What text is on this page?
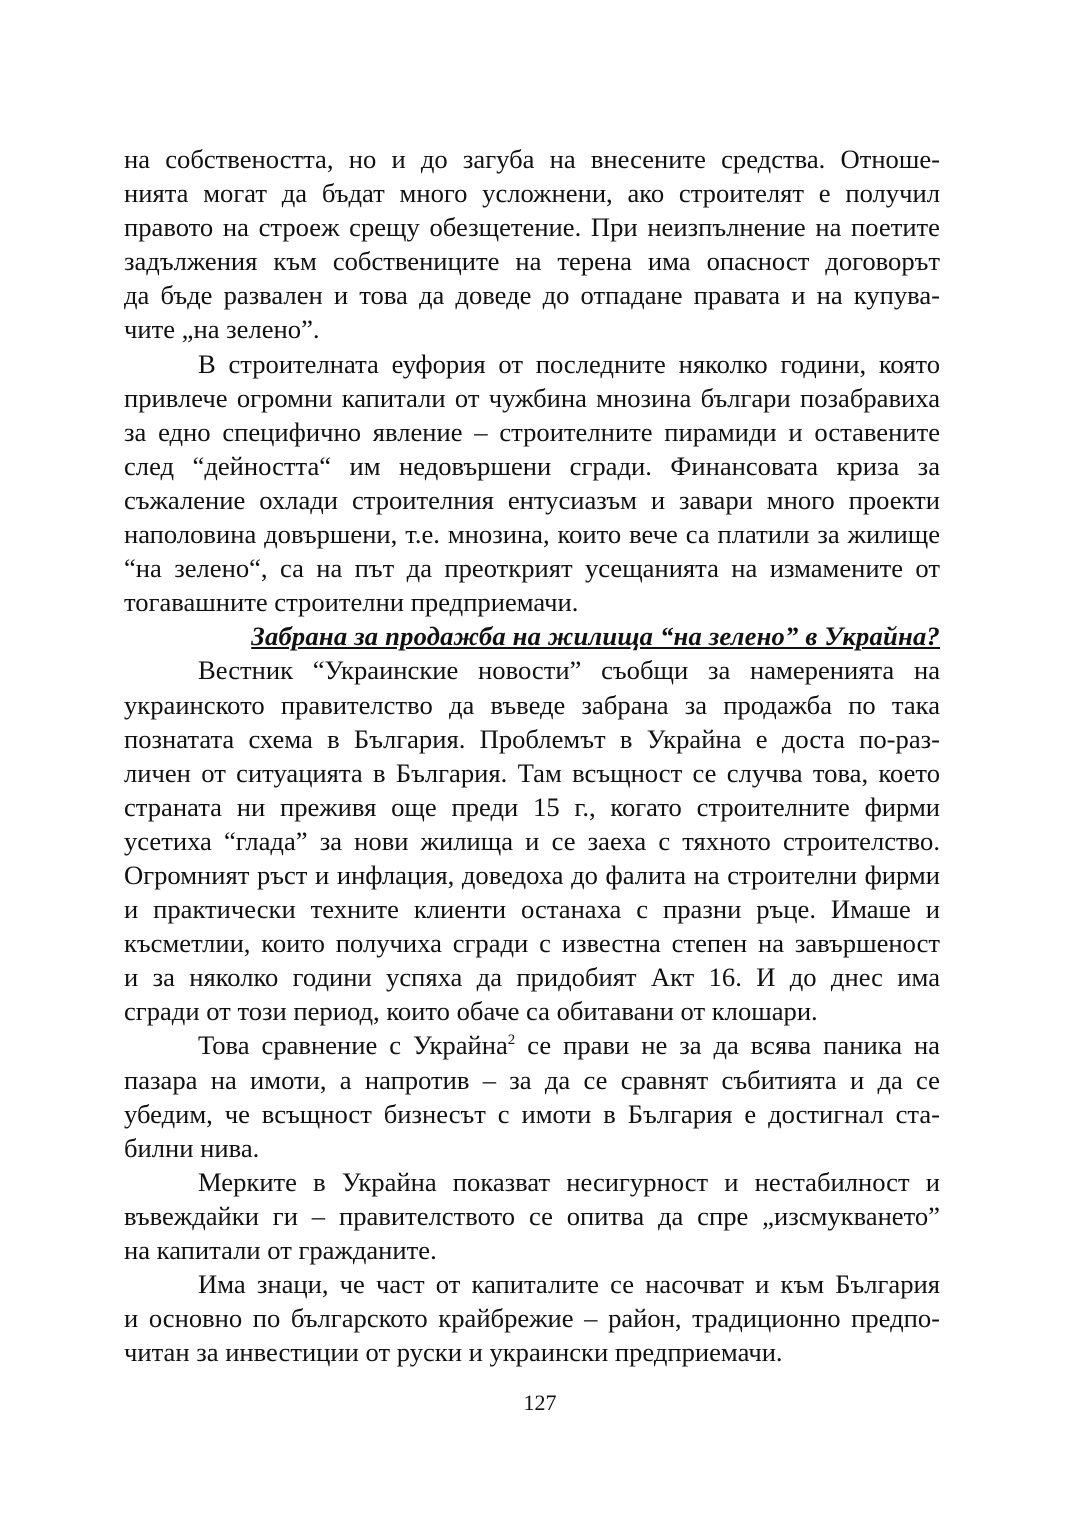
на собствеността, но и до загуба на внесените средства. Отноше-
нията могат да бъдат много усложнени, ако строителят е получил
правото на строеж срещу обезщетение. При неизпълнение на поетите
задължения към собствениците на терена има опасност договорът
да бъде развален и това да доведе до отпадане правата и на купува-
чите „на зелено”.
В строителната еуфория от последните няколко години, която
привлече огромни капитали от чужбина мнозина българи позабравиха
за едно специфично явление – строителните пирамиди и оставените
след “дейността“ им недовършени сгради. Финансовата криза за
съжаление охлади строителния ентусиазъм и завари много проекти
наполовина довършени, т.е. мнозина, които вече са платили за жилище
“на зелено“, са на път да преоткрият усещанията на измамените от
тогавашните строителни предприемачи.
Забрана за продажба на жилища “на зелено” в Украйна?
Вестник “Украинские новости” съобщи за намеренията на
украинското правителство да въведе забрана за продажба по така
познатата схема в България. Проблемът в Украйна е доста по-раз-
личен от ситуацията в България. Там всъщност се случва това, което
страната ни преживя още преди 15 г., когато строителните фирми
усетиха “глада” за нови жилища и се заеха с тяхното строителство.
Огромният ръст и инфлация, доведоха до фалита на строителни фирми
и практически техните клиенти останаха с празни ръце. Имаше и
късметлии, които получиха сгради с известна степен на завършеност
и за няколко години успяха да придобият Акт 16. И до днес има
сгради от този период, които обаче са обитавани от клошари.
Това сравнение с Украйна$^2$ се прави не за да всява паника на
пазара на имоти, а напротив – за да се сравнят събитията и да се
убедим, че всъщност бизнесът с имоти в България е достигнал ста-
билни нива.
Мерките в Украйна показват несигурност и нестабилност и
въвеждайки ги – правителството се опитва да спре „изсмукването”
на капитали от гражданите.
Има знаци, че част от капиталите се насочват и към България
и основно по българското крайбрежие – район, традиционно предпо-
читан за инвестиции от руски и украински предприемачи.
127
